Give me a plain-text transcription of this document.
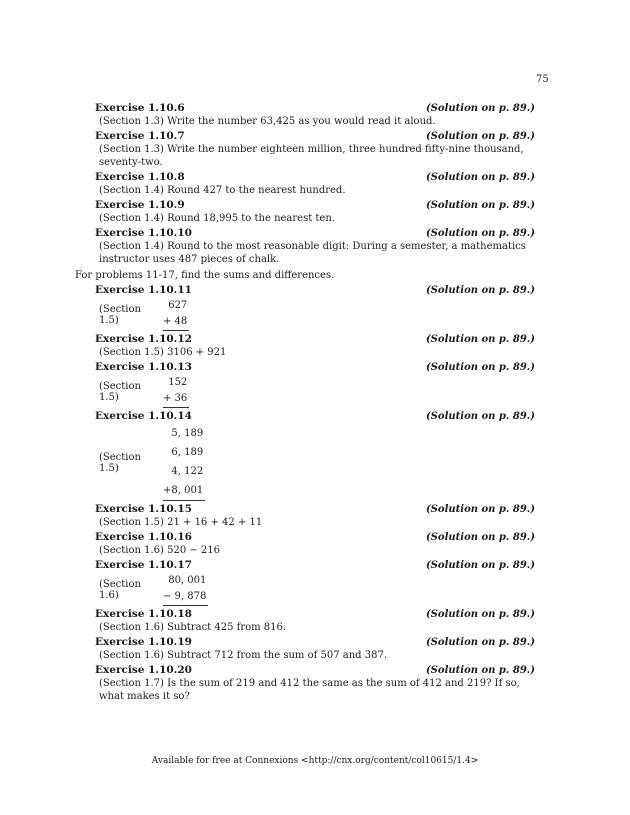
75
Exercise 1.10.6	(Solution on p. 89.)
(Section 1.3) Write the number 63,425 as you would read it aloud.
Exercise 1.10.7	(Solution on p. 89.)
(Section 1.3) Write the number eighteen million, three hundred fifty-nine thousand, seventy-two.
Exercise 1.10.8	(Solution on p. 89.)
(Section 1.4) Round 427 to the nearest hundred.
Exercise 1.10.9	(Solution on p. 89.)
(Section 1.4) Round 18,995 to the nearest ten.
Exercise 1.10.10	(Solution on p. 89.)
(Section 1.4) Round to the most reasonable digit: During a semester, a mathematics instructor uses 487 pieces of chalk.
For problems 11-17, find the sums and differences.
Exercise 1.10.11	(Solution on p. 89.)
(Section 1.5)
627
+ 48
Exercise 1.10.12	(Solution on p. 89.)
(Section 1.5) 3106 + 921
Exercise 1.10.13	(Solution on p. 89.)
(Section 1.5)
152
+ 36
Exercise 1.10.14	(Solution on p. 89.)
(Section 1.5)
5, 189
6, 189
4, 122
+8, 001
Exercise 1.10.15	(Solution on p. 89.)
(Section 1.5) 21 + 16 + 42 + 11
Exercise 1.10.16	(Solution on p. 89.)
(Section 1.6) 520 − 216
Exercise 1.10.17	(Solution on p. 89.)
(Section 1.6)
80, 001
− 9, 878
Exercise 1.10.18	(Solution on p. 89.)
(Section 1.6) Subtract 425 from 816.
Exercise 1.10.19	(Solution on p. 89.)
(Section 1.6) Subtract 712 from the sum of 507 and 387.
Exercise 1.10.20	(Solution on p. 89.)
(Section 1.7) Is the sum of 219 and 412 the same as the sum of 412 and 219? If so, what makes it so?
Available for free at Connexions <http://cnx.org/content/col10615/1.4>
